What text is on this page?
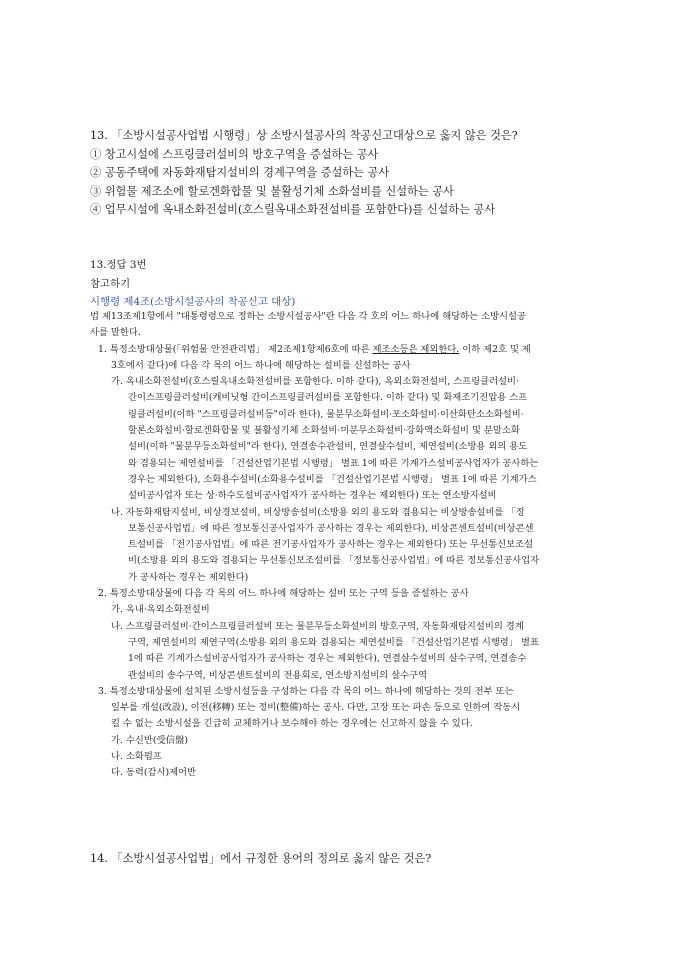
13. 「소방시설공사업법 시행령」상 소방시설공사의 착공신고대상으로 옳지 않은 것은?
① 창고시설에 스프링클러설비의 방호구역을 증설하는 공사
② 공동주택에 자동화재탐지설비의 경계구역을 증설하는 공사
③ 위험물 제조소에 할로겐화합물 및 불활성기체 소화설비를 신설하는 공사
④ 업무시설에 옥내소화전설비(호스릴옥내소화전설비를 포함한다)를 신설하는 공사
13.정답 3번
참고하기
시행령 제4조(소방시설공사의 착공신고 대상)
법 제13조제1항에서 "대통령령으로 정하는 소방시설공사"란 다음 각 호의 어느 하나에 해당하는 소방시설공
사를 말한다.
1. 특정소방대상물(「위험물 안전관리법」 제2조제1항제6호에 따른 제조소등은 제외한다. 이하 제2호 및 제
3호에서 같다)에 다음 각 목의 어느 하나에 해당하는 설비를 신설하는 공사
가. 옥내소화전설비(호스릴옥내소화전설비를 포함한다. 이하 같다), 옥외소화전설비, 스프링클러설비·
간이스프링클러설비(캐비닛형 간이스프링클러설비를 포함한다. 이하 같다) 및 화재조기진압용 스프
링클러설비(이하 "스프링클러설비등"이라 한다), 물분무소화설비·포소화설비·이산화탄소소화설비·
할론소화설비·할로겐화합물 및 불활성기체 소화설비·미분무소화설비·강화액소화설비 및 분말소화
설비(이하 "물분무등소화설비"라 한다), 연결송수관설비, 연결살수설비, 제연설비(소방용 외의 용도
와 겸용되는 제연설비를 「건설산업기본법 시행령」 별표 1에 따른 기계가스설비공사업자가 공사하는
경우는 제외한다), 소화용수설비(소화용수설비를 「건설산업기본법 시행령」 별표 1에 따른 기계가스
설비공사업자 또는 상·하수도설비공사업자가 공사하는 경우는 제외한다) 또는 연소방지설비
나. 자동화재탐지설비, 비상경보설비, 비상방송설비(소방용 외의 용도와 겸용되는 비상방송설비를 「정
보통신공사업법」에 따른 정보통신공사업자가 공사하는 경우는 제외한다), 비상콘센트설비(비상콘센
트설비를 「전기공사업법」에 따른 전기공사업자가 공사하는 경우는 제외한다) 또는 무선통신보조설
비(소방용 외의 용도와 겸용되는 무선통신보조설비를 「정보통신공사업법」에 따른 정보통신공사업자
가 공사하는 경우는 제외한다)
2. 특정소방대상물에 다음 각 목의 어느 하나에 해당하는 설비 또는 구역 등을 증설하는 공사
가. 옥내·옥외소화전설비
나. 스프링클러설비·간이스프링클러설비 또는 물분무등소화설비의 방호구역, 자동화재탐지설비의 경계
구역, 제연설비의 제연구역(소방용 외의 용도와 겸용되는 제연설비를 「건설산업기본법 시행령」 별표
1에 따른 기계가스설비공사업자가 공사하는 경우는 제외한다), 연결살수설비의 살수구역, 연결송수
관설비의 송수구역, 비상콘센트설비의 전용회로, 연소방지설비의 살수구역
3. 특정소방대상물에 설치된 소방시설등을 구성하는 다음 각 목의 어느 하나에 해당하는 것의 전부 또는
일부를 개설(改設), 이전(移轉) 또는 정비(整備)하는 공사. 다만, 고장 또는 파손 등으로 인하여 작동시
킬 수 없는 소방시설을 긴급히 교체하거나 보수해야 하는 경우에는 신고하지 않을 수 있다.
가. 수신반(受信盤)
나. 소화펌프
다. 동력(감시)제어반
14. 「소방시설공사업법」에서 규정한 용어의 정의로 옳지 않은 것은?
